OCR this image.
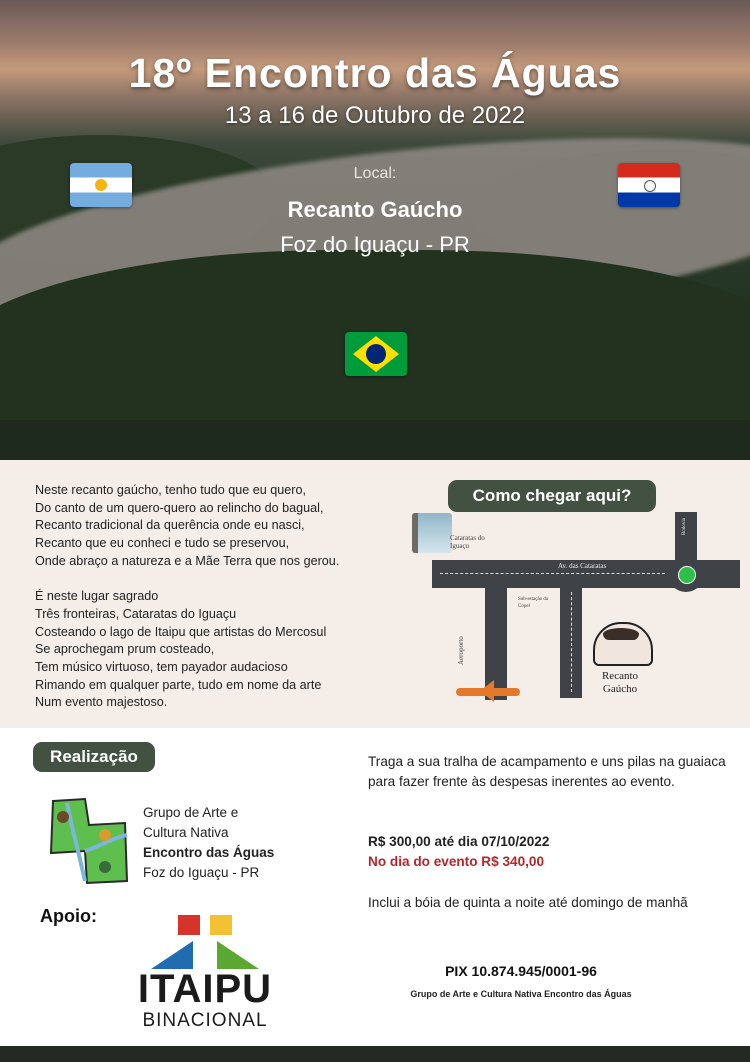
18º Encontro das Águas
13 a 16 de Outubro de 2022
Local:
Recanto Gaúcho
Foz do Iguaçu - PR
Neste recanto gaúcho, tenho tudo que eu quero,
Do canto de um quero-quero ao relincho do bagual,
Recanto tradicional da querência onde eu nasci,
Recanto que eu conheci e tudo se preservou,
Onde abraço a natureza e a Mãe Terra que nos gerou.
É neste lugar sagrado
Três fronteiras, Cataratas do Iguaçu
Costeando o lago de Itaipu que artistas do Mercosul
Se aprochegam prum costeado,
Tem músico virtuoso, tem payador audacioso
Rimando em qualquer parte, tudo em nome da arte
Num evento majestoso.
Como chegar aqui?
Cataratas do Iguaçu
Av. das Cataratas
Sub-estação da Copel
Aeroporto
Rodovia
Recanto Gaúcho
Realização
Grupo de Arte e
Cultura Nativa
Encontro das Águas
Foz do Iguaçu - PR
Apoio:
ITAIPU
BINACIONAL
Traga a sua tralha de acampamento e uns pilas na guaiaca para fazer frente às despesas inerentes ao evento.
R$ 300,00 até dia 07/10/2022
No dia do evento R$ 340,00
Inclui a bóia de quinta a noite até domingo de manhã
PIX 10.874.945/0001-96
Grupo de Arte e Cultura Nativa Encontro das Águas
